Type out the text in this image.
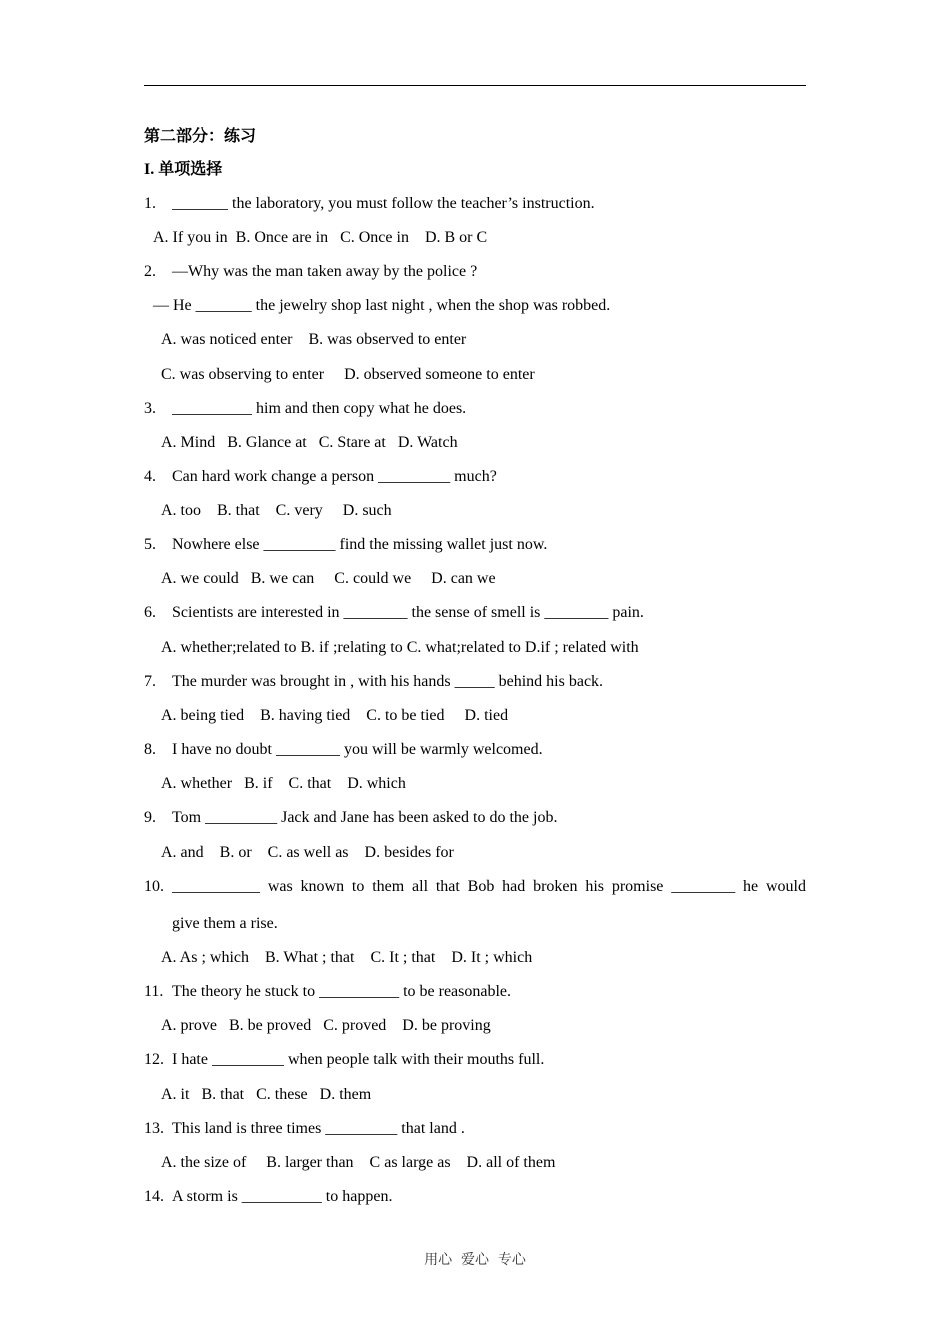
第二部分：练习
I. 单项选择
1. _______ the laboratory, you must follow the teacher’s instruction.
A. If you in  B. Once are in   C. Once in    D. B or C
2. —Why was the man taken away by the police ?
— He _______ the jewelry shop last night , when the shop was robbed.
A. was noticed enter    B. was observed to enter
C. was observing to enter     D. observed someone to enter
3. __________ him and then copy what he does.
A. Mind   B. Glance at   C. Stare at   D. Watch
4. Can hard work change a person _________ much?
A. too    B. that    C. very     D. such
5. Nowhere else _________ find the missing wallet just now.
A. we could   B. we can     C. could we     D. can we
6. Scientists are interested in ________ the sense of smell is ________ pain.
A. whether;related to B. if ;relating to C. what;related to D.if ; related with
7. The murder was brought in , with his hands _____ behind his back.
A. being tied    B. having tied    C. to be tied     D. tied
8. I have no doubt ________ you will be warmly welcomed.
A. whether   B. if    C. that    D. which
9. Tom _________ Jack and Jane has been asked to do the job.
A. and    B. or    C. as well as    D. besides for
10. ___________ was known to them all that Bob had broken his promise ________ he would
give them a rise.
A. As ; which    B. What ; that    C. It ; that    D. It ; which
11. The theory he stuck to __________ to be reasonable.
A. prove   B. be proved   C. proved    D. be proving
12. I hate _________ when people talk with their mouths full.
A. it   B. that   C. these   D. them
13. This land is three times _________ that land .
A. the size of     B. larger than    C as large as    D. all of them
14. A storm is __________ to happen.
用心  爱心  专心
